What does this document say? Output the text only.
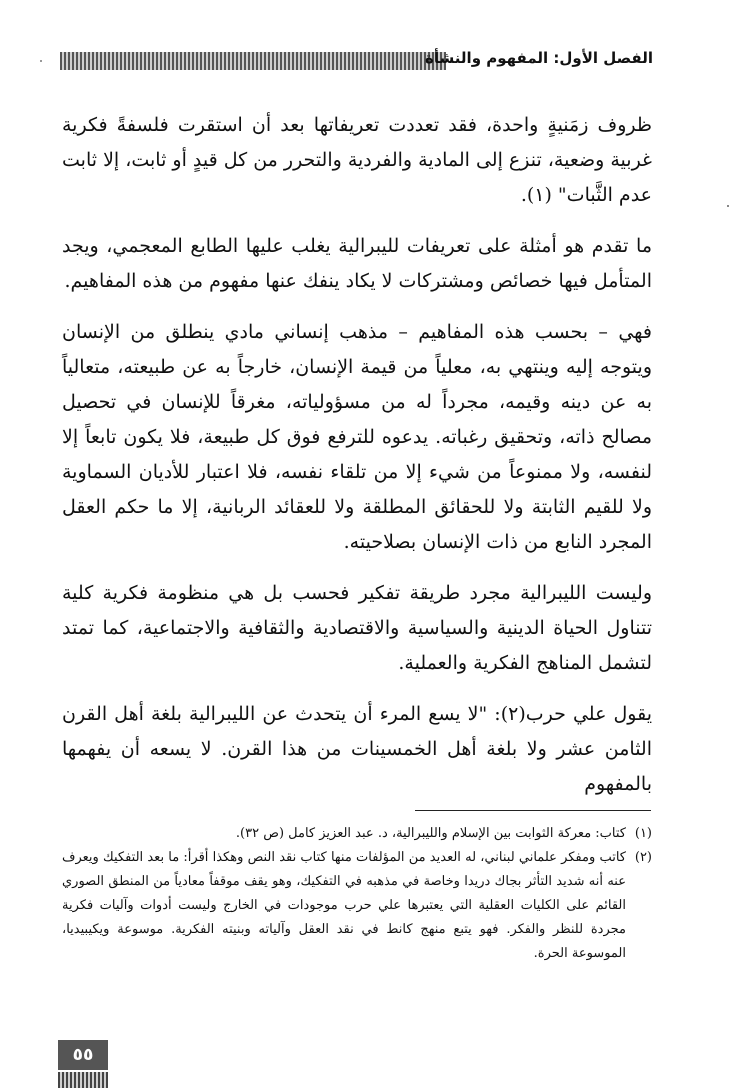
الفصل الأول: المفهوم والنشأة

ظروف زمَنيةٍ واحدة، فقد تعددت تعريفاتها بعد أن استقرت فلسفةً فكرية غربية وضعية، تنزع إلى المادية والفردية والتحرر من كل قيدٍ أو ثابت، إلا ثابت عدم الثَّبات" (١).

ما تقدم هو أمثلة على تعريفات لليبرالية يغلب عليها الطابع المعجمي، ويجد المتأمل فيها خصائص ومشتركات لا يكاد ينفك عنها مفهوم من هذه المفاهيم.

فهي – بحسب هذه المفاهيم – مذهب إنساني مادي ينطلق من الإنسان ويتوجه إليه وينتهي به، معلياً من قيمة الإنسان، خارجاً به عن طبيعته، متعالياً به عن دينه وقيمه، مجرداً له من مسؤولياته، مغرقاً للإنسان في تحصيل مصالح ذاته، وتحقيق رغباته. يدعوه للترفع فوق كل طبيعة، فلا يكون تابعاً إلا لنفسه، ولا ممنوعاً من شيء إلا من تلقاء نفسه، فلا اعتبار للأديان السماوية ولا للقيم الثابتة ولا للحقائق المطلقة ولا للعقائد الربانية، إلا ما حكم العقل المجرد النابع من ذات الإنسان بصلاحيته.

وليست الليبرالية مجرد طريقة تفكير فحسب بل هي منظومة فكرية كلية تتناول الحياة الدينية والسياسية والاقتصادية والثقافية والاجتماعية، كما تمتد لتشمل المناهج الفكرية والعملية.

يقول علي حرب(٢): "لا يسع المرء أن يتحدث عن الليبرالية بلغة أهل القرن الثامن عشر ولا بلغة أهل الخمسينات من هذا القرن. لا يسعه أن يفهمها بالمفهوم

(١)
كتاب: معركة الثوابت بين الإسلام والليبرالية، د. عبد العزيز كامل (ص ٣٢).
(٢)
كاتب ومفكر علماني لبناني، له العديد من المؤلفات منها كتاب نقد النص وهكذا أقرأ: ما بعد التفكيك ويعرف عنه أنه شديد التأثر بجاك دريدا وخاصة في مذهبه في التفكيك، وهو يقف موقفاً معادياً من المنطق الصوري القائم على الكليات العقلية التي يعتبرها علي حرب موجودات في الخارج وليست أدوات وآليات فكرية مجردة للنظر والفكر. فهو يتبع منهج كانط في نقد العقل وآلياته وبنيته الفكرية. موسوعة ويكيبيديا، الموسوعة الحرة.
٥٥
